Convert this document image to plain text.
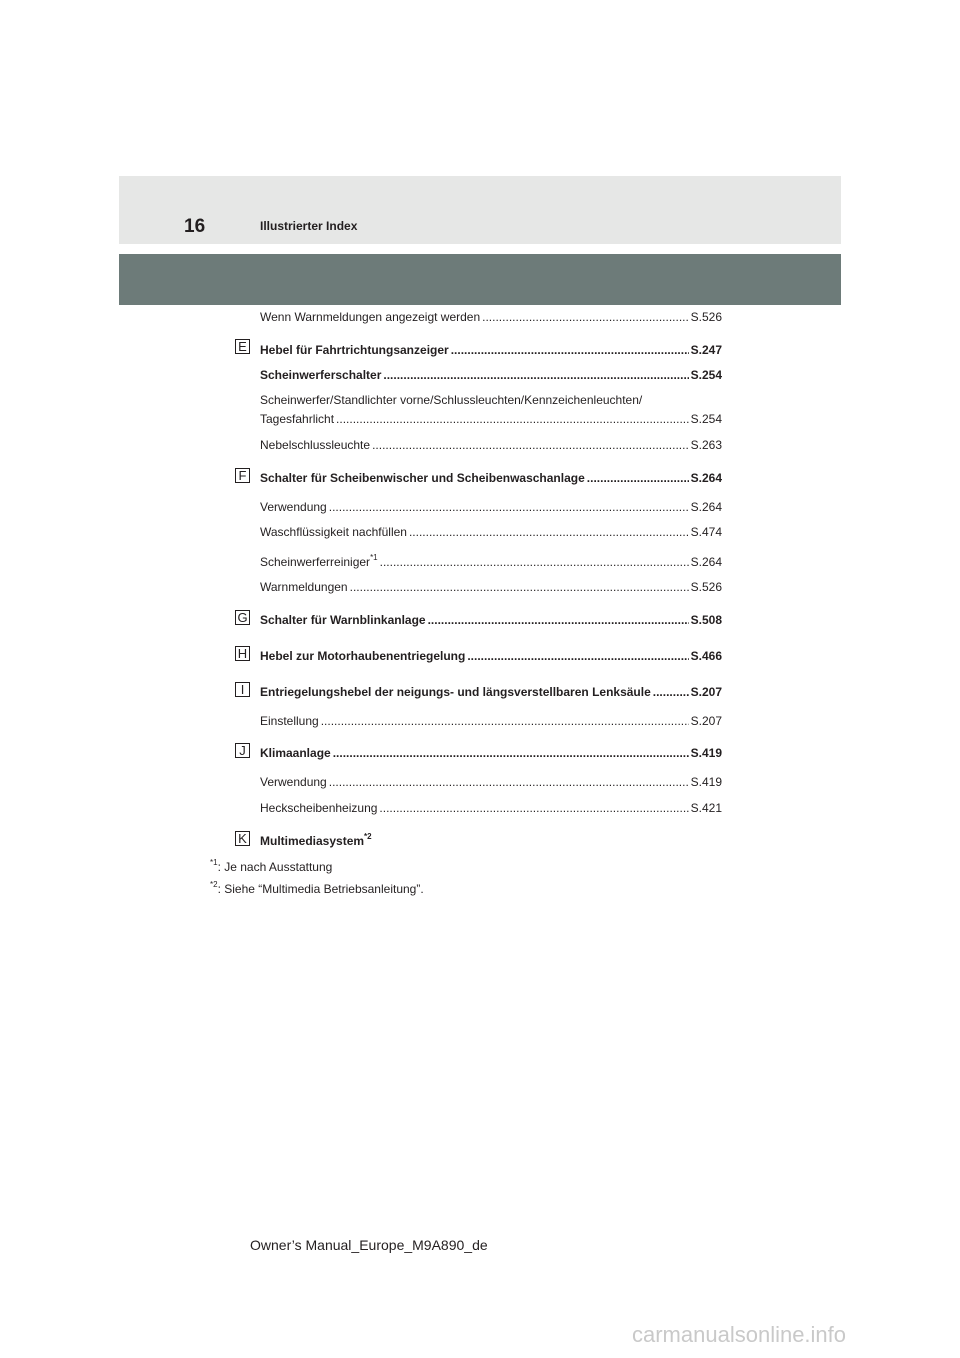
16	Illustrierter Index
Wenn Warnmeldungen angezeigt werden .....	S.526
E Hebel für Fahrtrichtungsanzeiger .....	S.247
Scheinwerferschalter .....	S.254
Scheinwerfer/Standlichter vorne/Schlussleuchten/Kennzeichenleuchten/
Tagesfahrlicht .....	S.254
Nebelschlussleuchte .....	S.263
F Schalter für Scheibenwischer und Scheibenwaschanlage .....	S.264
Verwendung .....	S.264
Waschflüssigkeit nachfüllen .....	S.474
Scheinwerferreiniger$^{*1}$ .....	S.264
Warnmeldungen .....	S.526
G Schalter für Warnblinkanlage .....	S.508
H Hebel zur Motorhaubenentriegelung .....	S.466
I	Entriegelungshebel der neigungs- und längsverstellbaren Lenksäule .....	S.207
Einstellung .....	S.207
J	Klimaanlage .....	S.419
Verwendung .....	S.419
Heckscheibenheizung .....	S.421
K Multimediasystem$^{*2}$
$^{*1}$: Je nach Ausstattung
$^{*2}$: Siehe “Multimedia Betriebsanleitung”.
Owner’s Manual_Europe_M9A890_de
carmanualsonline.info
